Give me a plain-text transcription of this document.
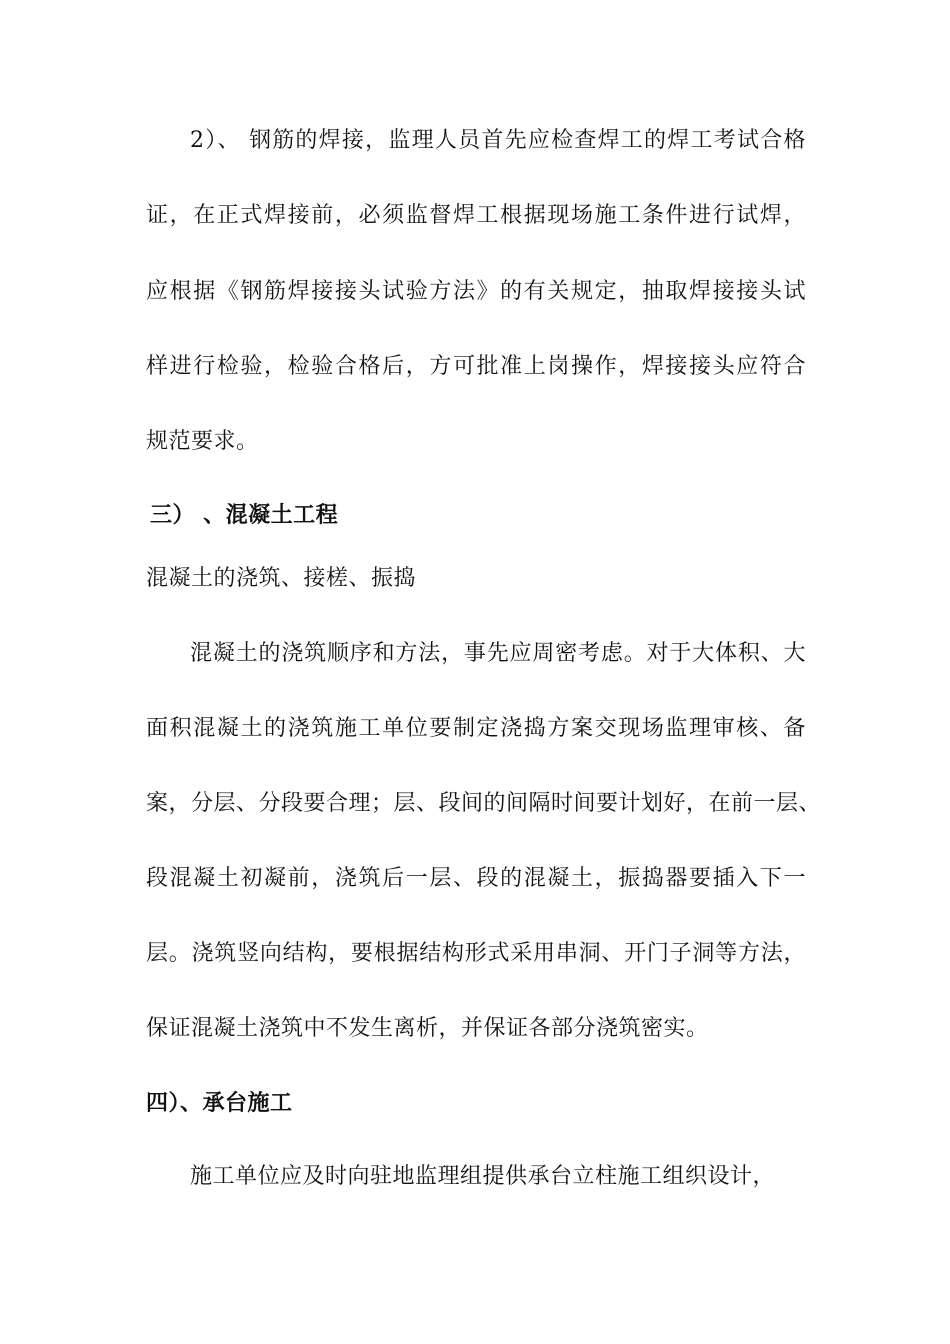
2）、 钢筋的焊接，监理人员首先应检查焊工的焊工考试合格
证，在正式焊接前，必须监督焊工根据现场施工条件进行试焊，
应根据《钢筋焊接接头试验方法》的有关规定，抽取焊接接头试
样进行检验，检验合格后，方可批准上岗操作，焊接接头应符合
规范要求。
三） 、混凝土工程
混凝土的浇筑、接槎、振捣
混凝土的浇筑顺序和方法，事先应周密考虑。对于大体积、大
面积混凝土的浇筑施工单位要制定浇捣方案交现场监理审核、备
案，分层、分段要合理；层、段间的间隔时间要计划好，在前一层、
段混凝土初凝前，浇筑后一层、段的混凝土，振捣器要插入下一
层。浇筑竖向结构，要根据结构形式采用串洞、开门子洞等方法，
保证混凝土浇筑中不发生离析，并保证各部分浇筑密实。
四）、承台施工
施工单位应及时向驻地监理组提供承台立柱施工组织设计，
